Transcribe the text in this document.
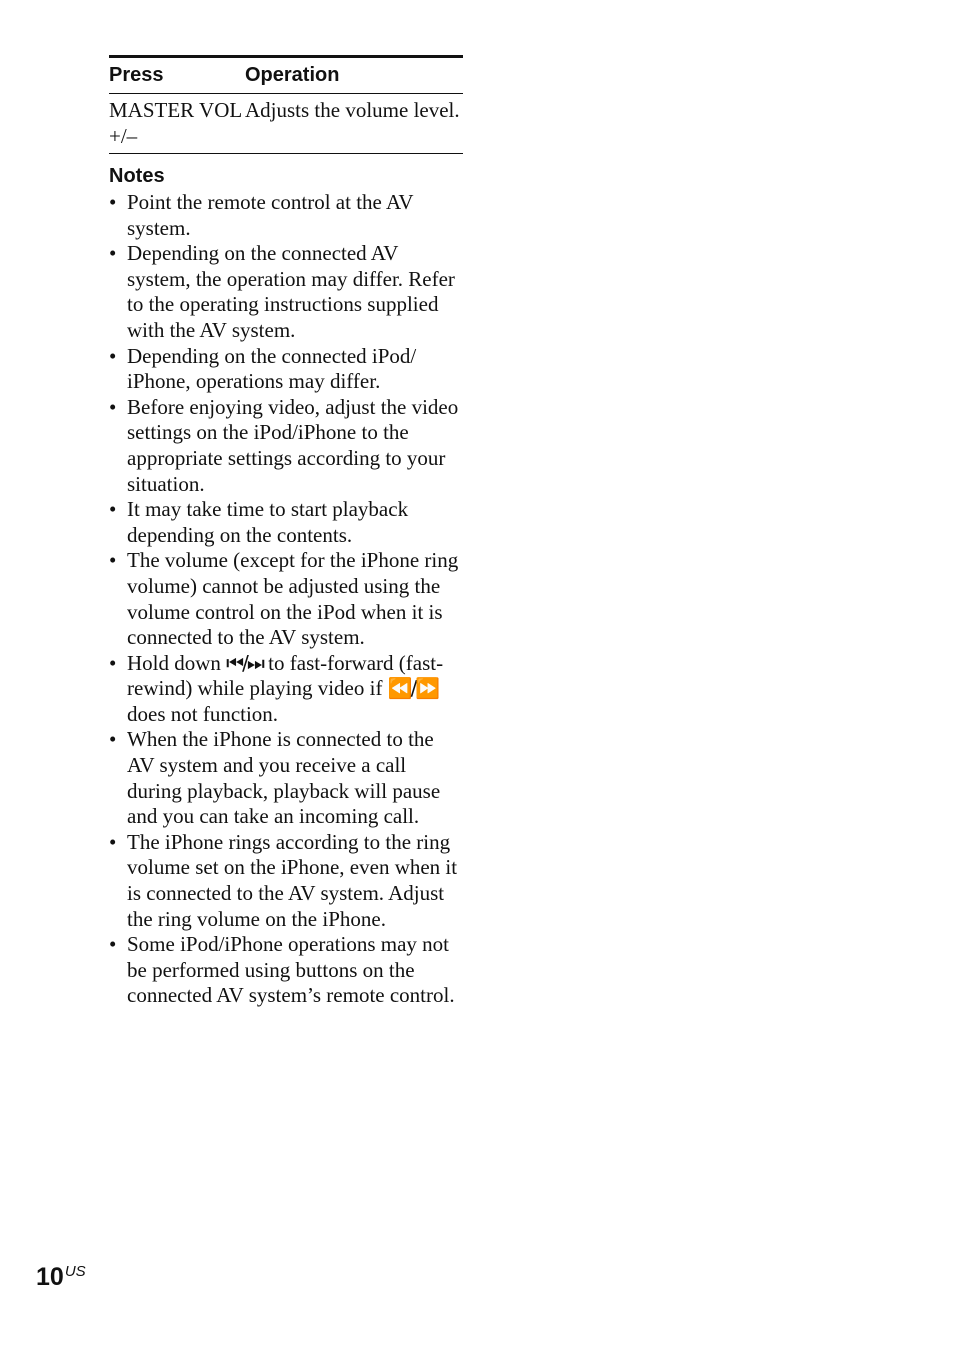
Press	Operation
MASTER VOL +/–	Adjusts the volume level.
Notes
• Point the remote control at the AV system.
• Depending on the connected AV system, the operation may differ. Refer to the operating instructions supplied with the AV system.
• Depending on the connected iPod/ iPhone, operations may differ.
• Before enjoying video, adjust the video settings on the iPod/iPhone to the appropriate settings according to your situation.
• It may take time to start playback depending on the contents.
• The volume (except for the iPhone ring volume) cannot be adjusted using the volume control on the iPod when it is connected to the AV system.
• Hold down ⏮/⏭ to fast-forward (fast-rewind) while playing video if ⏪/⏩ does not function.
• When the iPhone is connected to the AV system and you receive a call during playback, playback will pause and you can take an incoming call.
• The iPhone rings according to the ring volume set on the iPhone, even when it is connected to the AV system. Adjust the ring volume on the iPhone.
• Some iPod/iPhone operations may not be performed using buttons on the connected AV system’s remote control.
$10^{US}$
